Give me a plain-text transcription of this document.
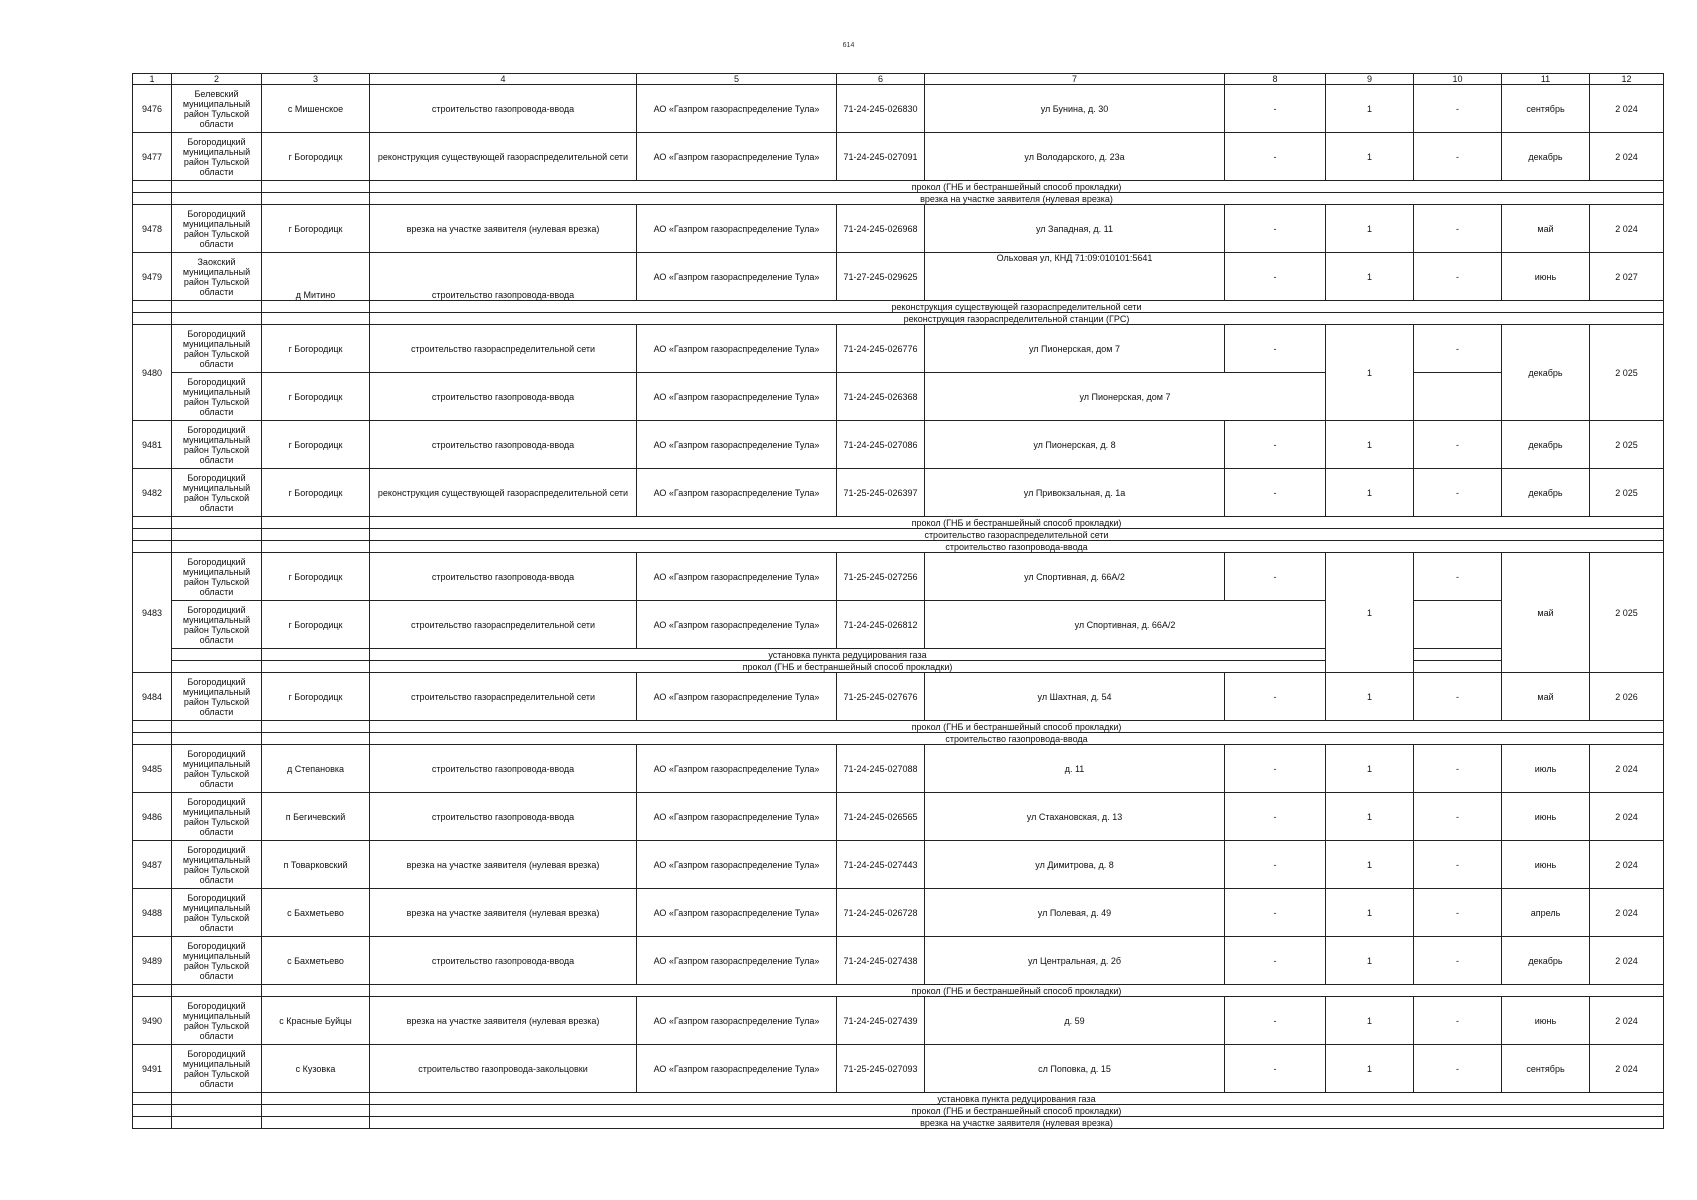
614
1	2	3	4	5	6	7	8	9	10	11	12
9476	Белевский муниципальный район Тульской области	с Мишенское	строительство газопровода-ввода	АО «Газпром газораспределение Тула»	71-24-245-026830	ул Бунина, д. 30	-	1	-	сентябрь	2 024
9477	Богородицкий муниципальный район Тульской области	г Богородицк	реконструкция существующей газораспределительной сети	АО «Газпром газораспределение Тула»	71-24-245-027091	ул Володарского, д. 23а	-	1	-	декабрь	2 024
			прокол (ГНБ и бестраншейный способ прокладки)								
			врезка на участке заявителя (нулевая врезка)								
9478	Богородицкий муниципальный район Тульской области	г Богородицк	врезка на участке заявителя (нулевая врезка)	АО «Газпром газораспределение Тула»	71-24-245-026968	ул Западная, д. 11	-	1	-	май	2 024
9479	Заокский муниципальный район Тульской области	д Митино	строительство газопровода-ввода	АО «Газпром газораспределение Тула»	71-27-245-029625	Ольховая ул, КНД 71:09:010101:5641	-	1	-	июнь	2 027
			реконструкция существующей газораспределительной сети								
			реконструкция газораспределительной станции (ГРС)								
9480	Богородицкий муниципальный район Тульской области	г Богородицк	строительство газораспределительной сети	АО «Газпром газораспределение Тула»	71-24-245-026776	ул Пионерская, дом 7	-	1	-	декабрь	2 025
	Богородицкий муниципальный район Тульской области	г Богородицк	строительство газопровода-ввода	АО «Газпром газораспределение Тула»	71-24-245-026368	ул Пионерская, дом 7					
9481	Богородицкий муниципальный район Тульской области	г Богородицк	строительство газопровода-ввода	АО «Газпром газораспределение Тула»	71-24-245-027086	ул Пионерская, д. 8	-	1	-	декабрь	2 025
9482	Богородицкий муниципальный район Тульской области	г Богородицк	реконструкция существующей газораспределительной сети	АО «Газпром газораспределение Тула»	71-25-245-026397	ул Привокзальная, д. 1а	-	1	-	декабрь	2 025
			прокол (ГНБ и бестраншейный способ прокладки)								
			строительство газораспределительной сети								
			строительство газопровода-ввода								
9483	Богородицкий муниципальный район Тульской области	г Богородицк	строительство газопровода-ввода	АО «Газпром газораспределение Тула»	71-25-245-027256	ул Спортивная, д. 66А/2	-	1	-	май	2 025
	Богородицкий муниципальный район Тульской области	г Богородицк	строительство газораспределительной сети	АО «Газпром газораспределение Тула»	71-24-245-026812	ул Спортивная, д. 66А/2					
			установка пункта редуцирования газа								
			прокол (ГНБ и бестраншейный способ прокладки)								
9484	Богородицкий муниципальный район Тульской области	г Богородицк	строительство газораспределительной сети	АО «Газпром газораспределение Тула»	71-25-245-027676	ул Шахтная, д. 54	-	1	-	май	2 026
			прокол (ГНБ и бестраншейный способ прокладки)								
			строительство газопровода-ввода								
9485	Богородицкий муниципальный район Тульской области	д Степановка	строительство газопровода-ввода	АО «Газпром газораспределение Тула»	71-24-245-027088	д. 11	-	1	-	июль	2 024
9486	Богородицкий муниципальный район Тульской области	п Бегичевский	строительство газопровода-ввода	АО «Газпром газораспределение Тула»	71-24-245-026565	ул Стахановская, д. 13	-	1	-	июнь	2 024
9487	Богородицкий муниципальный район Тульской области	п Товарковский	врезка на участке заявителя (нулевая врезка)	АО «Газпром газораспределение Тула»	71-24-245-027443	ул Димитрова, д. 8	-	1	-	июнь	2 024
9488	Богородицкий муниципальный район Тульской области	с Бахметьево	врезка на участке заявителя (нулевая врезка)	АО «Газпром газораспределение Тула»	71-24-245-026728	ул Полевая, д. 49	-	1	-	апрель	2 024
9489	Богородицкий муниципальный район Тульской области	с Бахметьево	строительство газопровода-ввода	АО «Газпром газораспределение Тула»	71-24-245-027438	ул Центральная, д. 2б	-	1	-	декабрь	2 024
			прокол (ГНБ и бестраншейный способ прокладки)								
9490	Богородицкий муниципальный район Тульской области	с Красные Буйцы	врезка на участке заявителя (нулевая врезка)	АО «Газпром газораспределение Тула»	71-24-245-027439	д. 59	-	1	-	июнь	2 024
9491	Богородицкий муниципальный район Тульской области	с Кузовка	строительство газопровода-закольцовки	АО «Газпром газораспределение Тула»	71-25-245-027093	сл Поповка, д. 15	-	1	-	сентябрь	2 024
			установка пункта редуцирования газа								
			прокол (ГНБ и бестраншейный способ прокладки)								
			врезка на участке заявителя (нулевая врезка)								
